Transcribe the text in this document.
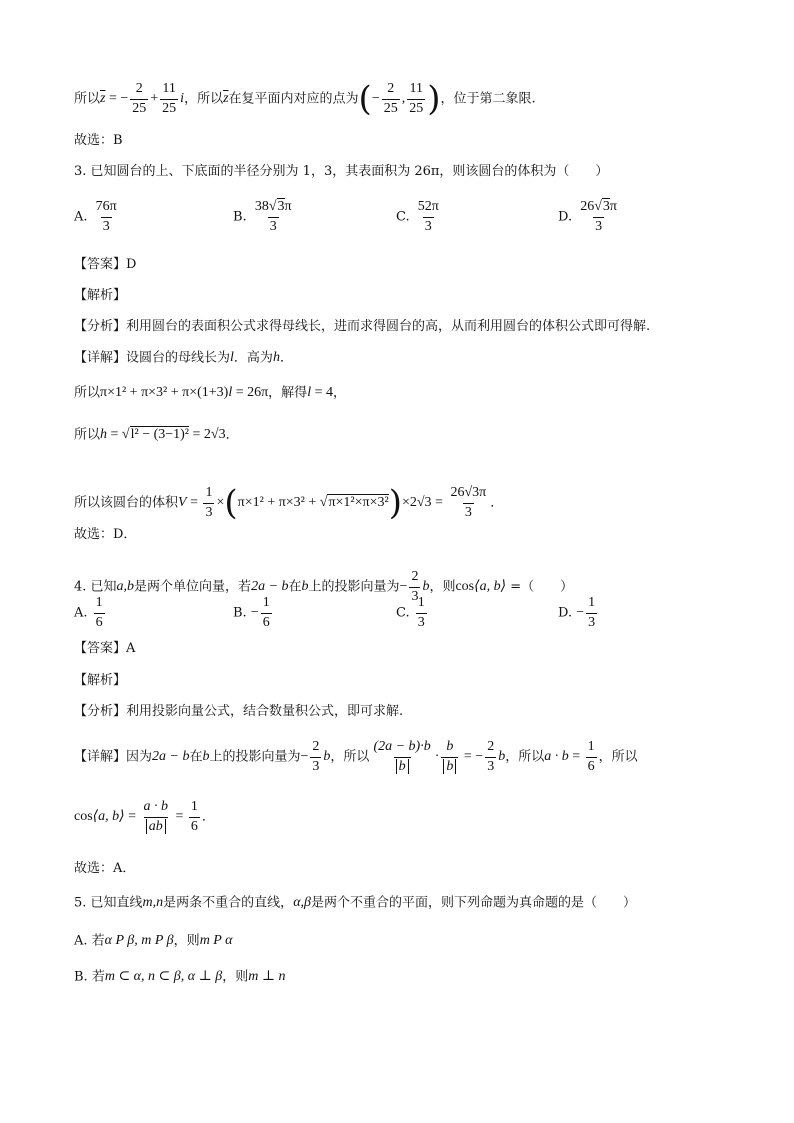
所以$\overline{z}$ = − $\frac{2}{25} + \frac{11}{25}$ i，所以$\overline{z}$在复平面内对应的点为(− $\frac{2}{25}$ , $\frac{11}{25}$ )，位于第二象限.
故选：B
3. 已知圆台的上、下底面的半径分别为 1，3，其表面积为 26π，则该圆台的体积为（　　）
A. $\frac{76\pi}{3}$	B. $\frac{38√3\pi}{3}$	C. $\frac{52\pi}{3}$	D. $\frac{26√3\pi}{3}$
【答案】D
【解析】
【分析】利用圆台的表面积公式求得母线长，进而求得圆台的高，从而利用圆台的体积公式即可得解.
【详解】设圆台的母线长为l．高为h．
所以π×1² + π×3² + π×(1+3)l = 26π，解得l = 4，
所以h = √l² − (3−1)² = 2√3．
所以该圆台的体积$V = \frac{1}{3} \times(\pi\times 1^2 + \pi\times 3^2 + √\pi\times 1^2\times\pi\times 3^2)\times 2√3 = \frac{26√3\pi}{3}$ ．
故选：D．
4. 已知a,b是两个单位向量，若2a − b在b上的投影向量为− $\frac{2}{3}$ b，则cos⟨a, b⟩ =（　　）
A. $\frac{1}{6}$	B. − $\frac{1}{6}$	C. $\frac{1}{3}$	D. − $\frac{1}{3}$
【答案】A
【解析】
【分析】利用投影向量公式，结合数量积公式，即可求解.
【详解】因为2a − b在b上的投影向量为− $\frac{2}{3}$ b，所以 $\frac{(2a - b)\cdot b}{b} \cdot \frac{b}{b}$ = − $\frac{2}{3}$ b，所以$a \cdot b = \frac{1}{6}$ ，所以
cos⟨a, b⟩ = $\frac{a \cdot b}{ab} = \frac{1}{6}$ ．
故选：A．
5. 已知直线m,n是两条不重合的直线，α,β是两个不重合的平面，则下列命题为真命题的是（　　）
A. 若α P β, m P β，则m P α
B. 若m ⊂ α, n ⊂ β, α ⊥ β，则m ⊥ n
